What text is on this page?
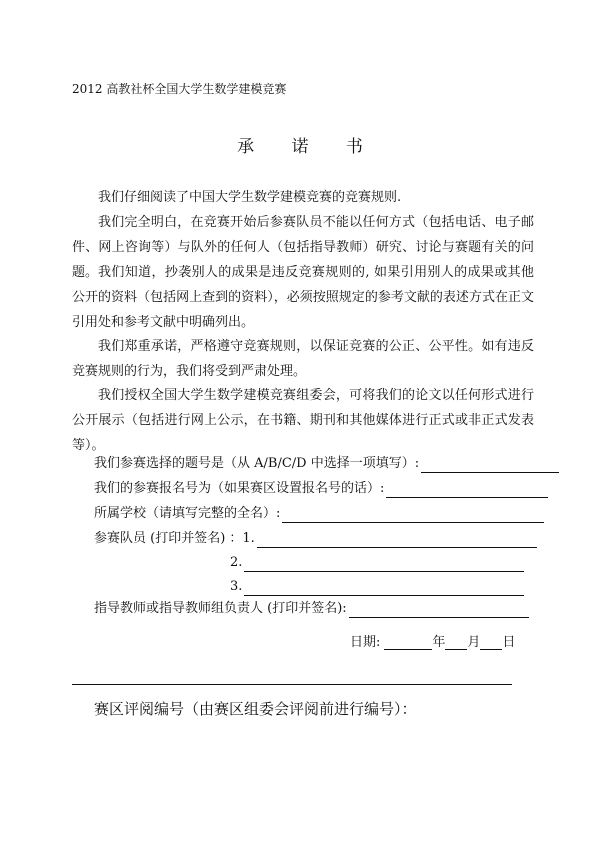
2012 高教社杯全国大学生数学建模竞赛
承 诺 书
我们仔细阅读了中国大学生数学建模竞赛的竞赛规则.
我们完全明白，在竞赛开始后参赛队员不能以任何方式（包括电话、电子邮件、网上咨询等）与队外的任何人（包括指导教师）研究、讨论与赛题有关的问题。 我们知道，抄袭别人的成果是违反竞赛规则的, 如果引用别人的成果或其他公开的资料（包括网上查到的资料），必须按照规定的参考文献的表述方式在正文引用处和参考文献中明确列出。
我们郑重承诺，严格遵守竞赛规则，以保证竞赛的公正、公平性。如有违反竞赛规则的行为，我们将受到严肃处理。
我们授权全国大学生数学建模竞赛组委会，可将我们的论文以任何形式进行公开展示（包括进行网上公示，在书籍、期刊和其他媒体进行正式或非正式发表等）。
我们参赛选择的题号是（从 A/B/C/D 中选择一项填写）:
我们的参赛报名号为（如果赛区设置报名号的话）:
所属学校（请填写完整的全名）:
参赛队员 (打印并签名) ：1.
2.
3.
指导教师或指导教师组负责人 (打印并签名):
日期:	年 月 日
赛区评阅编号（由赛区组委会评阅前进行编号）：
